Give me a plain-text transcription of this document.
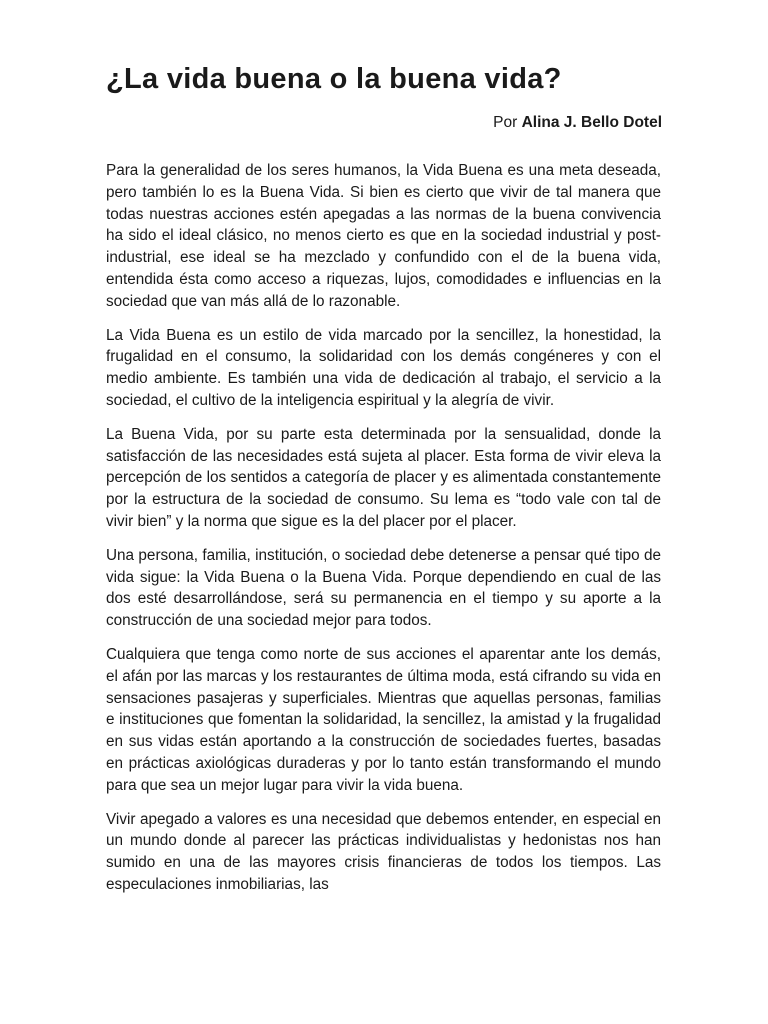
¿La vida buena o la buena vida?
Por Alina J. Bello Dotel

Para la generalidad de los seres humanos, la Vida Buena es una meta deseada, pero también lo es la Buena Vida. Si bien es cierto que vivir de tal manera que todas nuestras acciones estén apegadas a las normas de la buena convivencia ha sido el ideal clásico, no menos cierto es que en la sociedad industrial y post-industrial, ese ideal se ha mezclado y confundido con el de la buena vida, entendida ésta como acceso a riquezas, lujos, comodidades e influencias en la sociedad que van más allá de lo razonable.

La Vida Buena es un estilo de vida marcado por la sencillez, la honestidad, la frugalidad en el consumo, la solidaridad con los demás congéneres y con el medio ambiente. Es también una vida de dedicación al trabajo, el servicio a la sociedad, el cultivo de la inteligencia espiritual y la alegría de vivir.

La Buena Vida, por su parte esta determinada por la sensualidad, donde la satisfacción de las necesidades está sujeta al placer. Esta forma de vivir eleva la percepción de los sentidos a categoría de placer y es alimentada constantemente por la estructura de la sociedad de consumo. Su lema es “todo vale con tal de vivir bien” y la norma que sigue es la del placer por el placer.

Una persona, familia, institución, o sociedad debe detenerse a pensar qué tipo de vida sigue: la Vida Buena o la Buena Vida. Porque dependiendo en cual de las dos esté desarrollándose, será su permanencia en el tiempo y su aporte a la construcción de una sociedad mejor para todos.

Cualquiera que tenga como norte de sus acciones el aparentar ante los demás, el afán por las marcas y los restaurantes de última moda, está cifrando su vida en sensaciones pasajeras y superficiales. Mientras que aquellas personas, familias e instituciones que fomentan la solidaridad, la sencillez, la amistad y la frugalidad en sus vidas están aportando a la construcción de sociedades fuertes, basadas en prácticas axiológicas duraderas y por lo tanto están transformando el mundo para que sea un mejor lugar para vivir la vida buena.

Vivir apegado a valores es una necesidad que debemos entender, en especial en un mundo donde al parecer las prácticas individualistas y hedonistas nos han sumido en una de las mayores crisis financieras de todos los tiempos. Las especulaciones inmobiliarias, las
